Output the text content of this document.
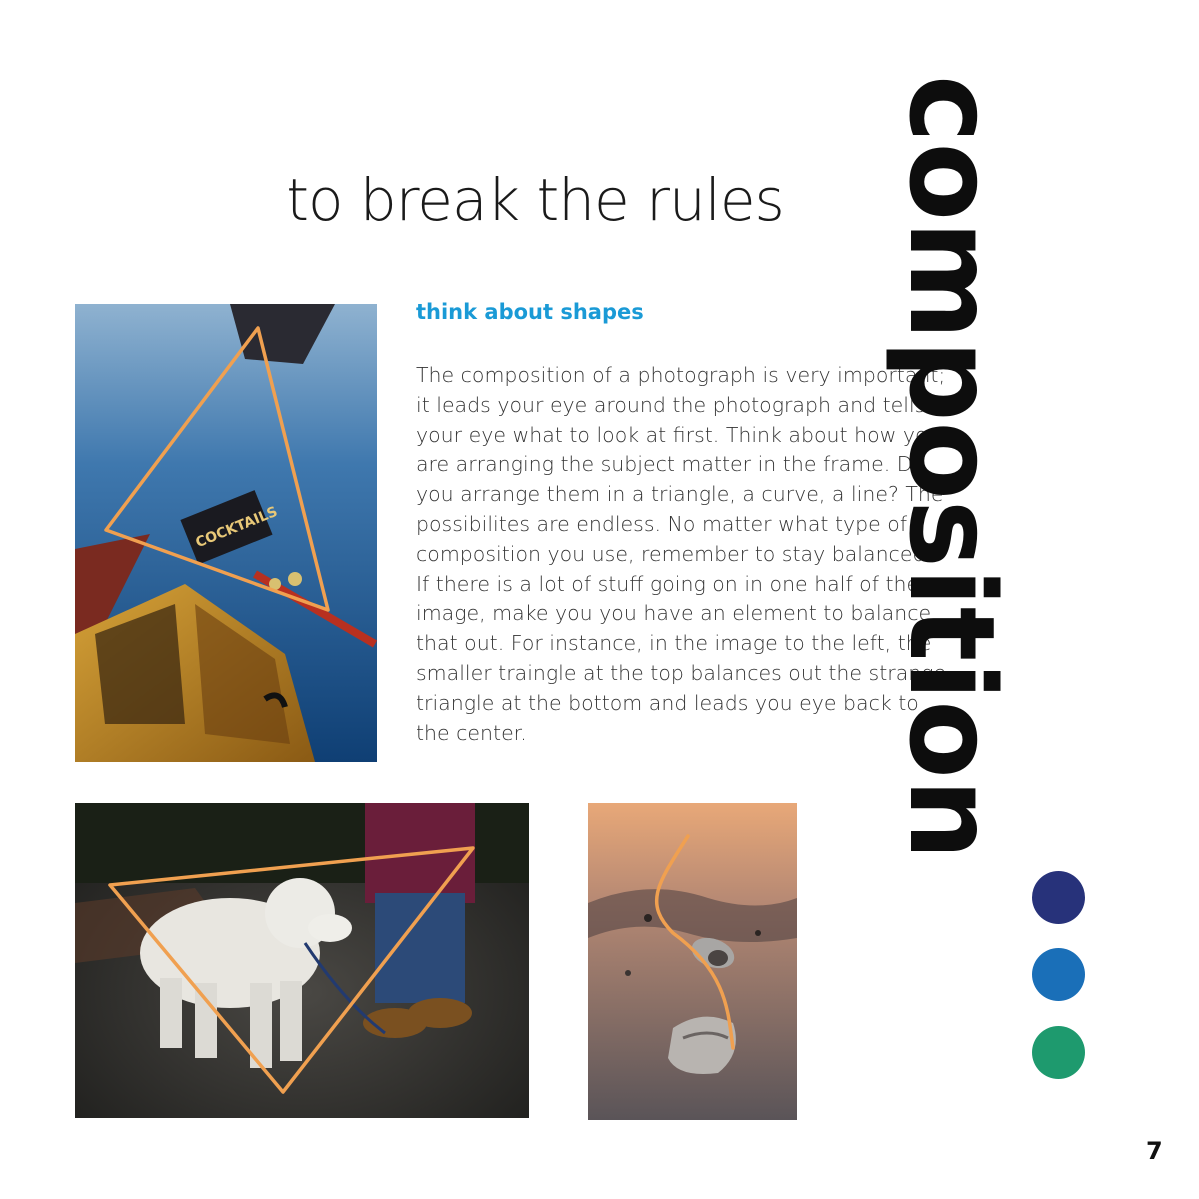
to break the rules
COCKTAILS
think about shapes

The composition of a photograph is very important; it leads your eye around the photograph and tells your eye what to look at first. Think about how you are arranging the subject matter in the frame. Do you arrange them in a triangle, a curve, a line? The possibilites are endless. No matter what type of composition you use, remember to stay balanced. If there is a lot of stuff going on in one half of the image, make you you have an element to balance that out. For instance, in the image to the left, the smaller traingle at the top balances out the strange triangle at the bottom and leads you eye back to the center.	composition

7
